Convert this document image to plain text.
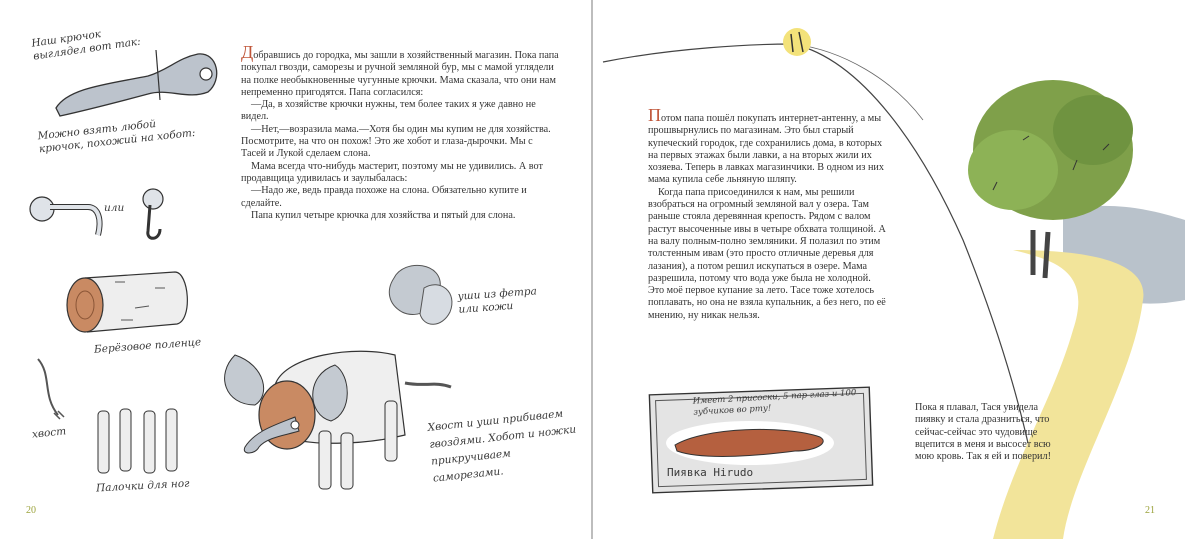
Наш крючок выглядел вот так:
Можно взять любой крючок, похожий на хобот:
или
Берёзовое поленце
хвост
Палочки для ног
уши из фетра или кожи
Хвост и уши прибиваем гвоздями. Хобот и ножки прикручиваем саморезами.

Добравшись до городка, мы зашли в хозяйственный магазин. Пока папа покупал гвозди, саморезы и ручной земляной бур, мы с мамой углядели на полке необыкновенные чугунные крючки. Мама сказала, что они нам непременно пригодятся. Папа согласился:

—Да, в хозяйстве крючки нужны, тем более таких я уже давно не видел.

—Нет,—возразила мама.—Хотя бы один мы купим не для хозяйства. Посмотрите, на что он похож! Это же хобот и глаза-дырочки. Мы с Тасей и Лукой сделаем слона.

Мама всегда что-нибудь мастерит, поэтому мы не удивились. А вот продавщица удивилась и заулыбалась:

—Надо же, ведь правда похоже на слона. Обязательно купите и сделайте.

Папа купил четыре крючка для хозяйства и пятый для слона.

20

Потом папа пошёл покупать интернет-антенну, а мы прошвырнулись по магазинам. Это был старый купеческий городок, где сохранились дома, в которых на первых этажах были лавки, а на вторых жили их хозяева. Теперь в лавках магазинчики. В одном из них мама купила себе льняную шляпу.

Когда папа присоединился к нам, мы решили взобраться на огромный земляной вал у озера. Там раньше стояла деревянная крепость. Рядом с валом растут высоченные ивы в четыре обхвата толщиной. А на валу полным-полно земляники. Я полазил по этим толстенным ивам (это просто отличные деревья для лазания), а потом решил искупаться в озере. Мама разрешила, потому что вода уже была не холодной. Это моё первое купание за лето. Тасе тоже хотелось поплавать, но она не взяла купальник, а без него, по её мнению, ну никак нельзя.

Имеет 2 присоски, 5 пар глаз и 100 зубчиков во рту!
Пиявка Hirudo
Пока я плавал, Тася увидела пиявку и стала дразниться, что сейчас-сейчас это чудовище вцепится в меня и высосет всю мою кровь. Так я ей и поверил!
21
